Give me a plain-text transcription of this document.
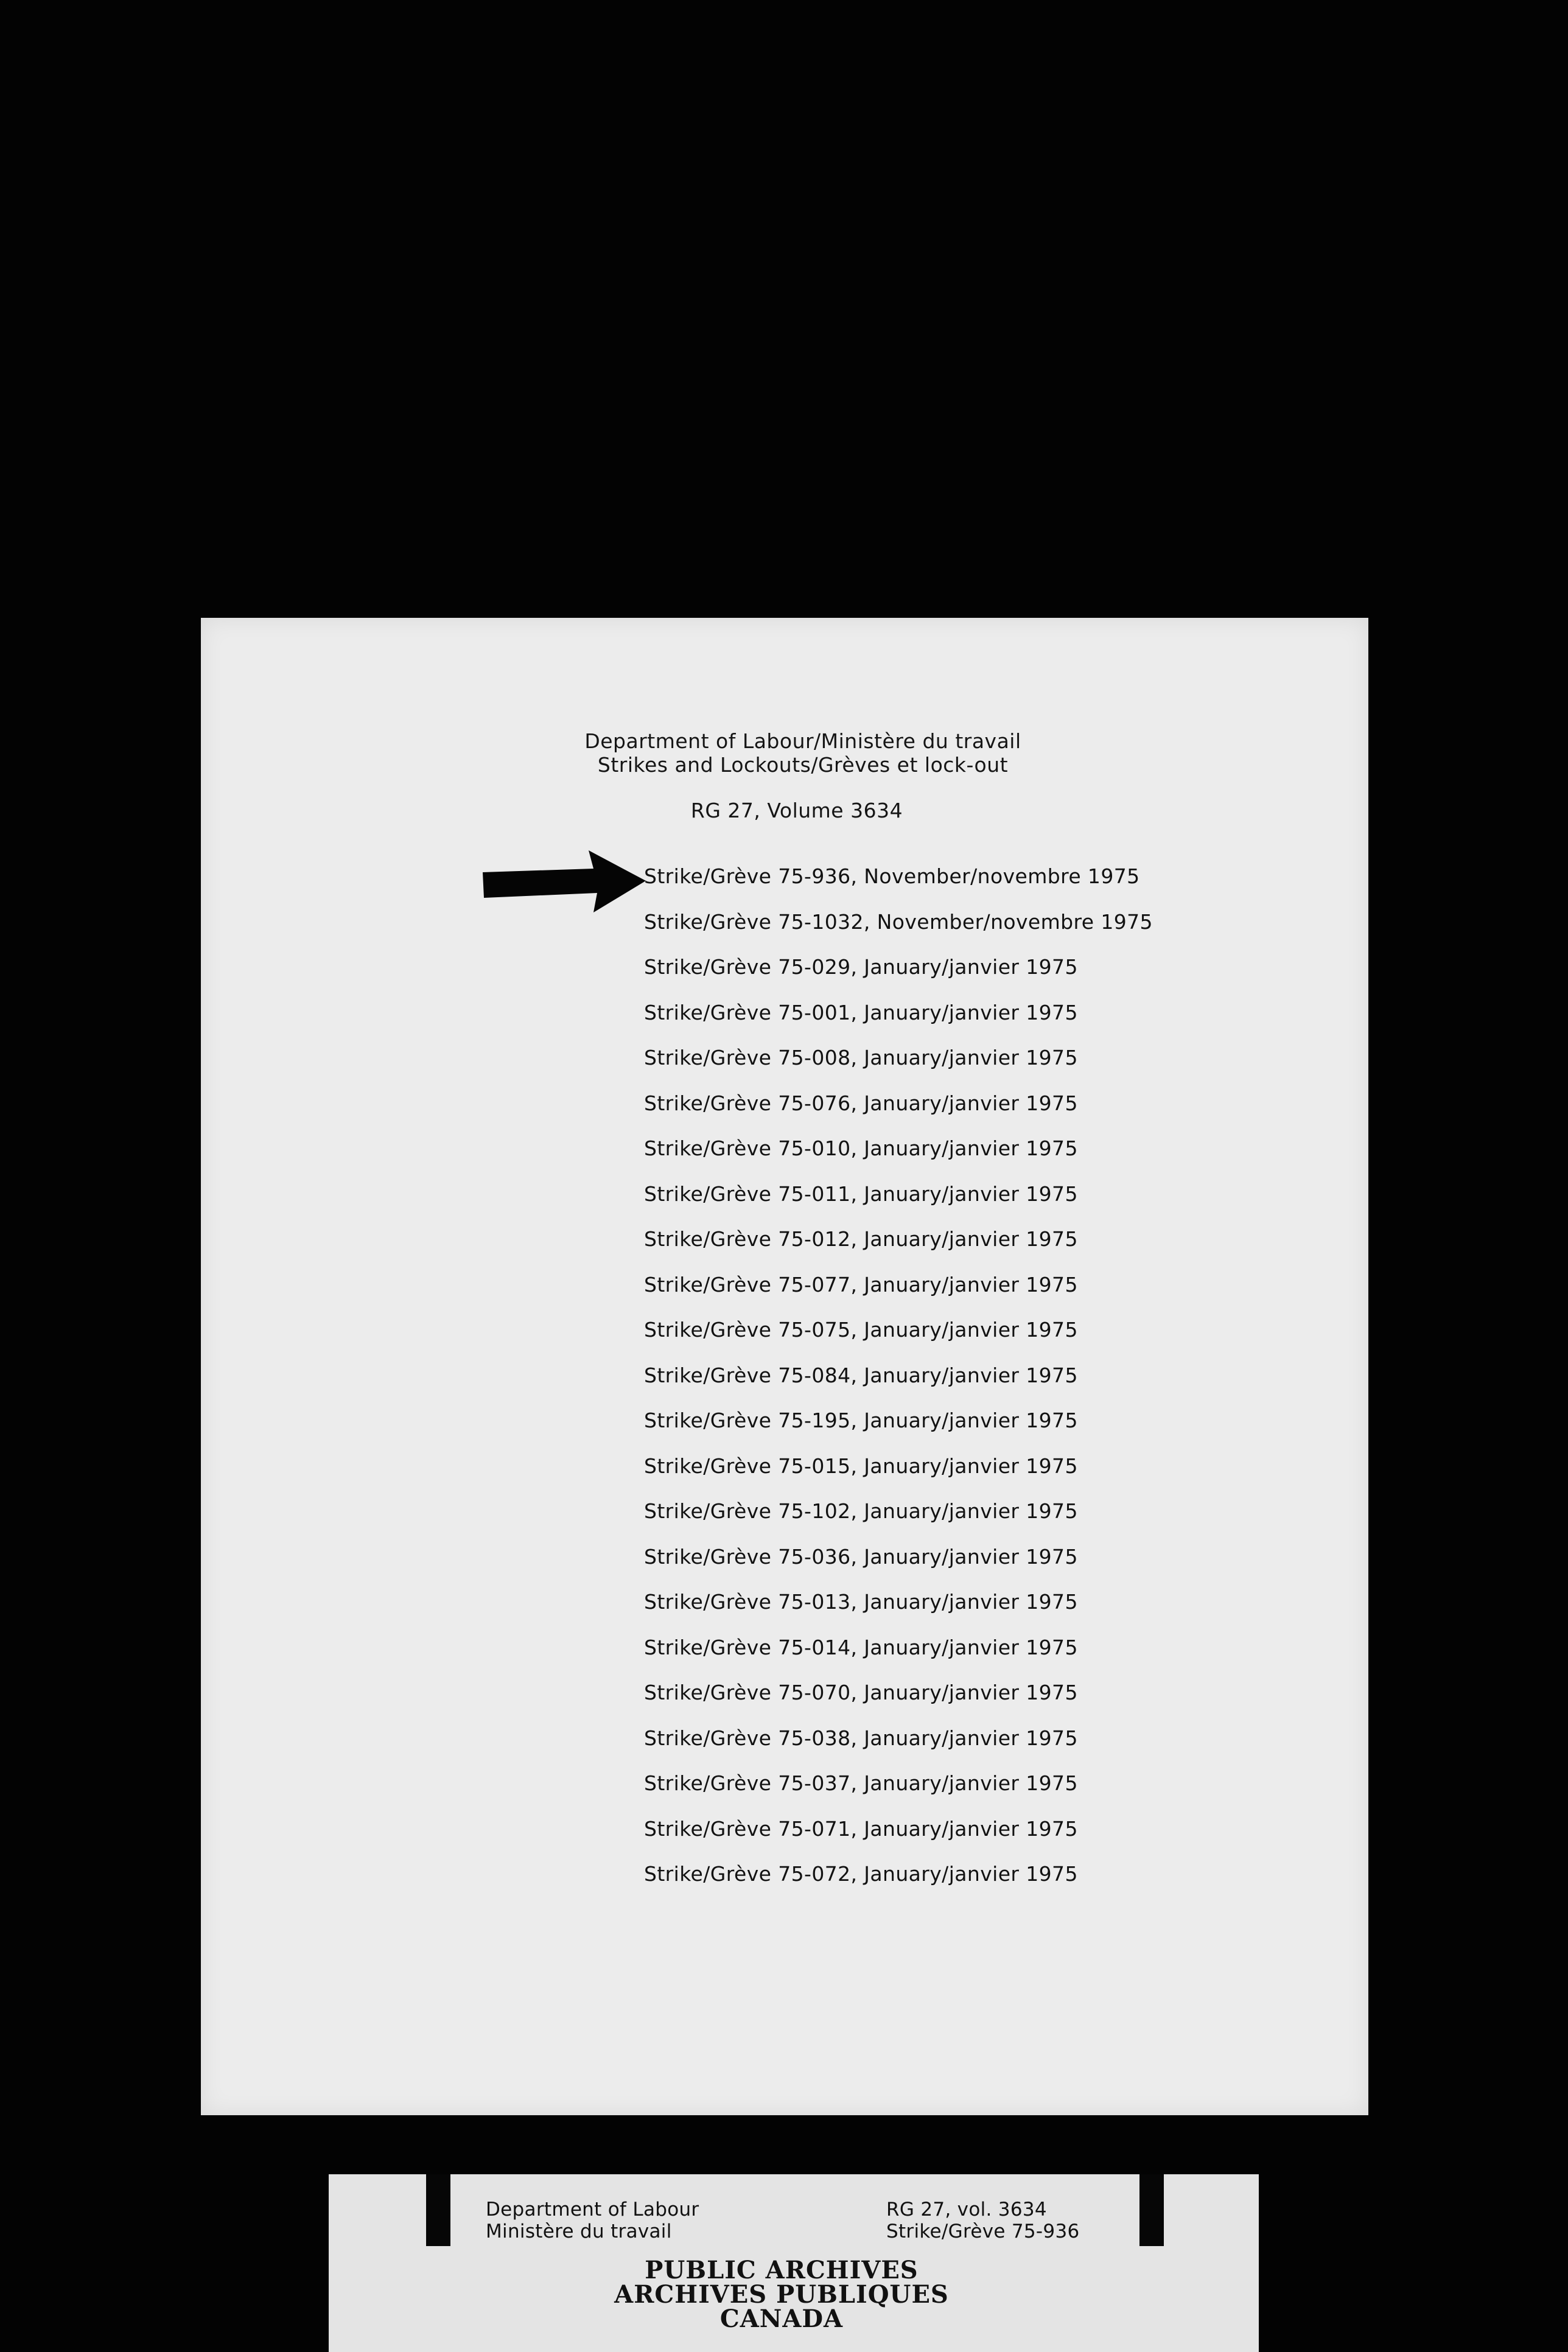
Department of Labour/Ministère du travail
Strikes and Lockouts/Grèves et lock-out
RG 27, Volume 3634
Strike/Grève 75-936, November/novembre 1975
Strike/Grève 75-1032, November/novembre 1975
Strike/Grève 75-029, January/janvier 1975
Strike/Grève 75-001, January/janvier 1975
Strike/Grève 75-008, January/janvier 1975
Strike/Grève 75-076, January/janvier 1975
Strike/Grève 75-010, January/janvier 1975
Strike/Grève 75-011, January/janvier 1975
Strike/Grève 75-012, January/janvier 1975
Strike/Grève 75-077, January/janvier 1975
Strike/Grève 75-075, January/janvier 1975
Strike/Grève 75-084, January/janvier 1975
Strike/Grève 75-195, January/janvier 1975
Strike/Grève 75-015, January/janvier 1975
Strike/Grève 75-102, January/janvier 1975
Strike/Grève 75-036, January/janvier 1975
Strike/Grève 75-013, January/janvier 1975
Strike/Grève 75-014, January/janvier 1975
Strike/Grève 75-070, January/janvier 1975
Strike/Grève 75-038, January/janvier 1975
Strike/Grève 75-037, January/janvier 1975
Strike/Grève 75-071, January/janvier 1975
Strike/Grève 75-072, January/janvier 1975
Department of Labour
Ministère du travail
RG 27, vol. 3634
Strike/Grève 75-936
PUBLIC ARCHIVES
ARCHIVES PUBLIQUES
CANADA
